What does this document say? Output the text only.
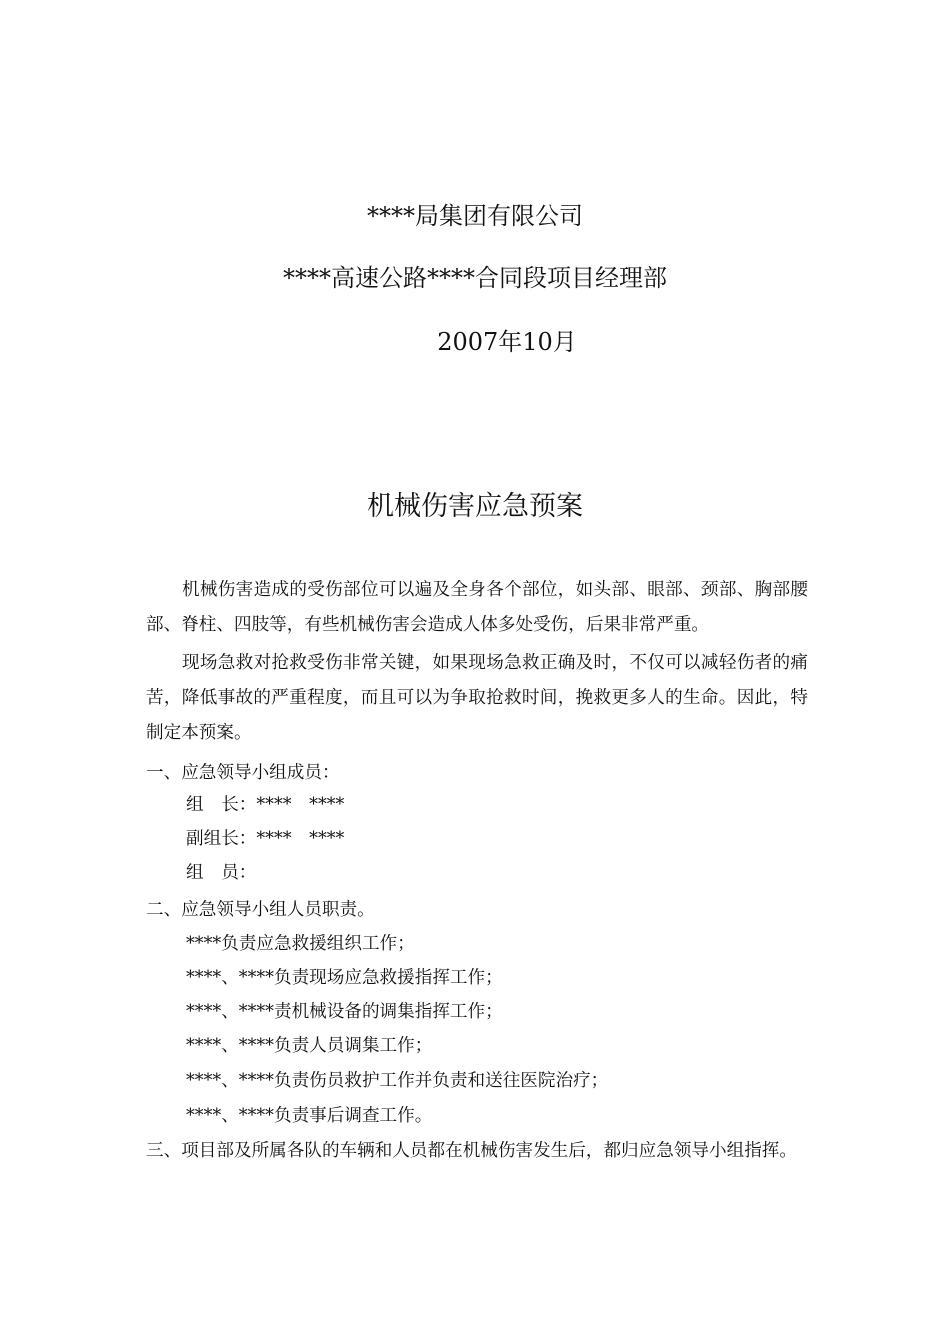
****局集团有限公司
****高速公路****合同段项目经理部
2007年10月
机械伤害应急预案
机械伤害造成的受伤部位可以遍及全身各个部位，如头部、眼部、颈部、胸部腰部、脊柱、四肢等，有些机械伤害会造成人体多处受伤，后果非常严重。
现场急救对抢救受伤非常关键，如果现场急救正确及时，不仅可以减轻伤者的痛苦，降低事故的严重程度，而且可以为争取抢救时间，挽救更多人的生命。因此，特制定本预案。
一、应急领导小组成员：
组　长：****　****
副组长：****　****
组　员：
二、应急领导小组人员职责。
****负责应急救援组织工作；
****、****负责现场应急救援指挥工作；
****、****责机械设备的调集指挥工作；
****、****负责人员调集工作；
****、****负责伤员救护工作并负责和送往医院治疗；
****、****负责事后调查工作。
三、项目部及所属各队的车辆和人员都在机械伤害发生后，都归应急领导小组指挥。
